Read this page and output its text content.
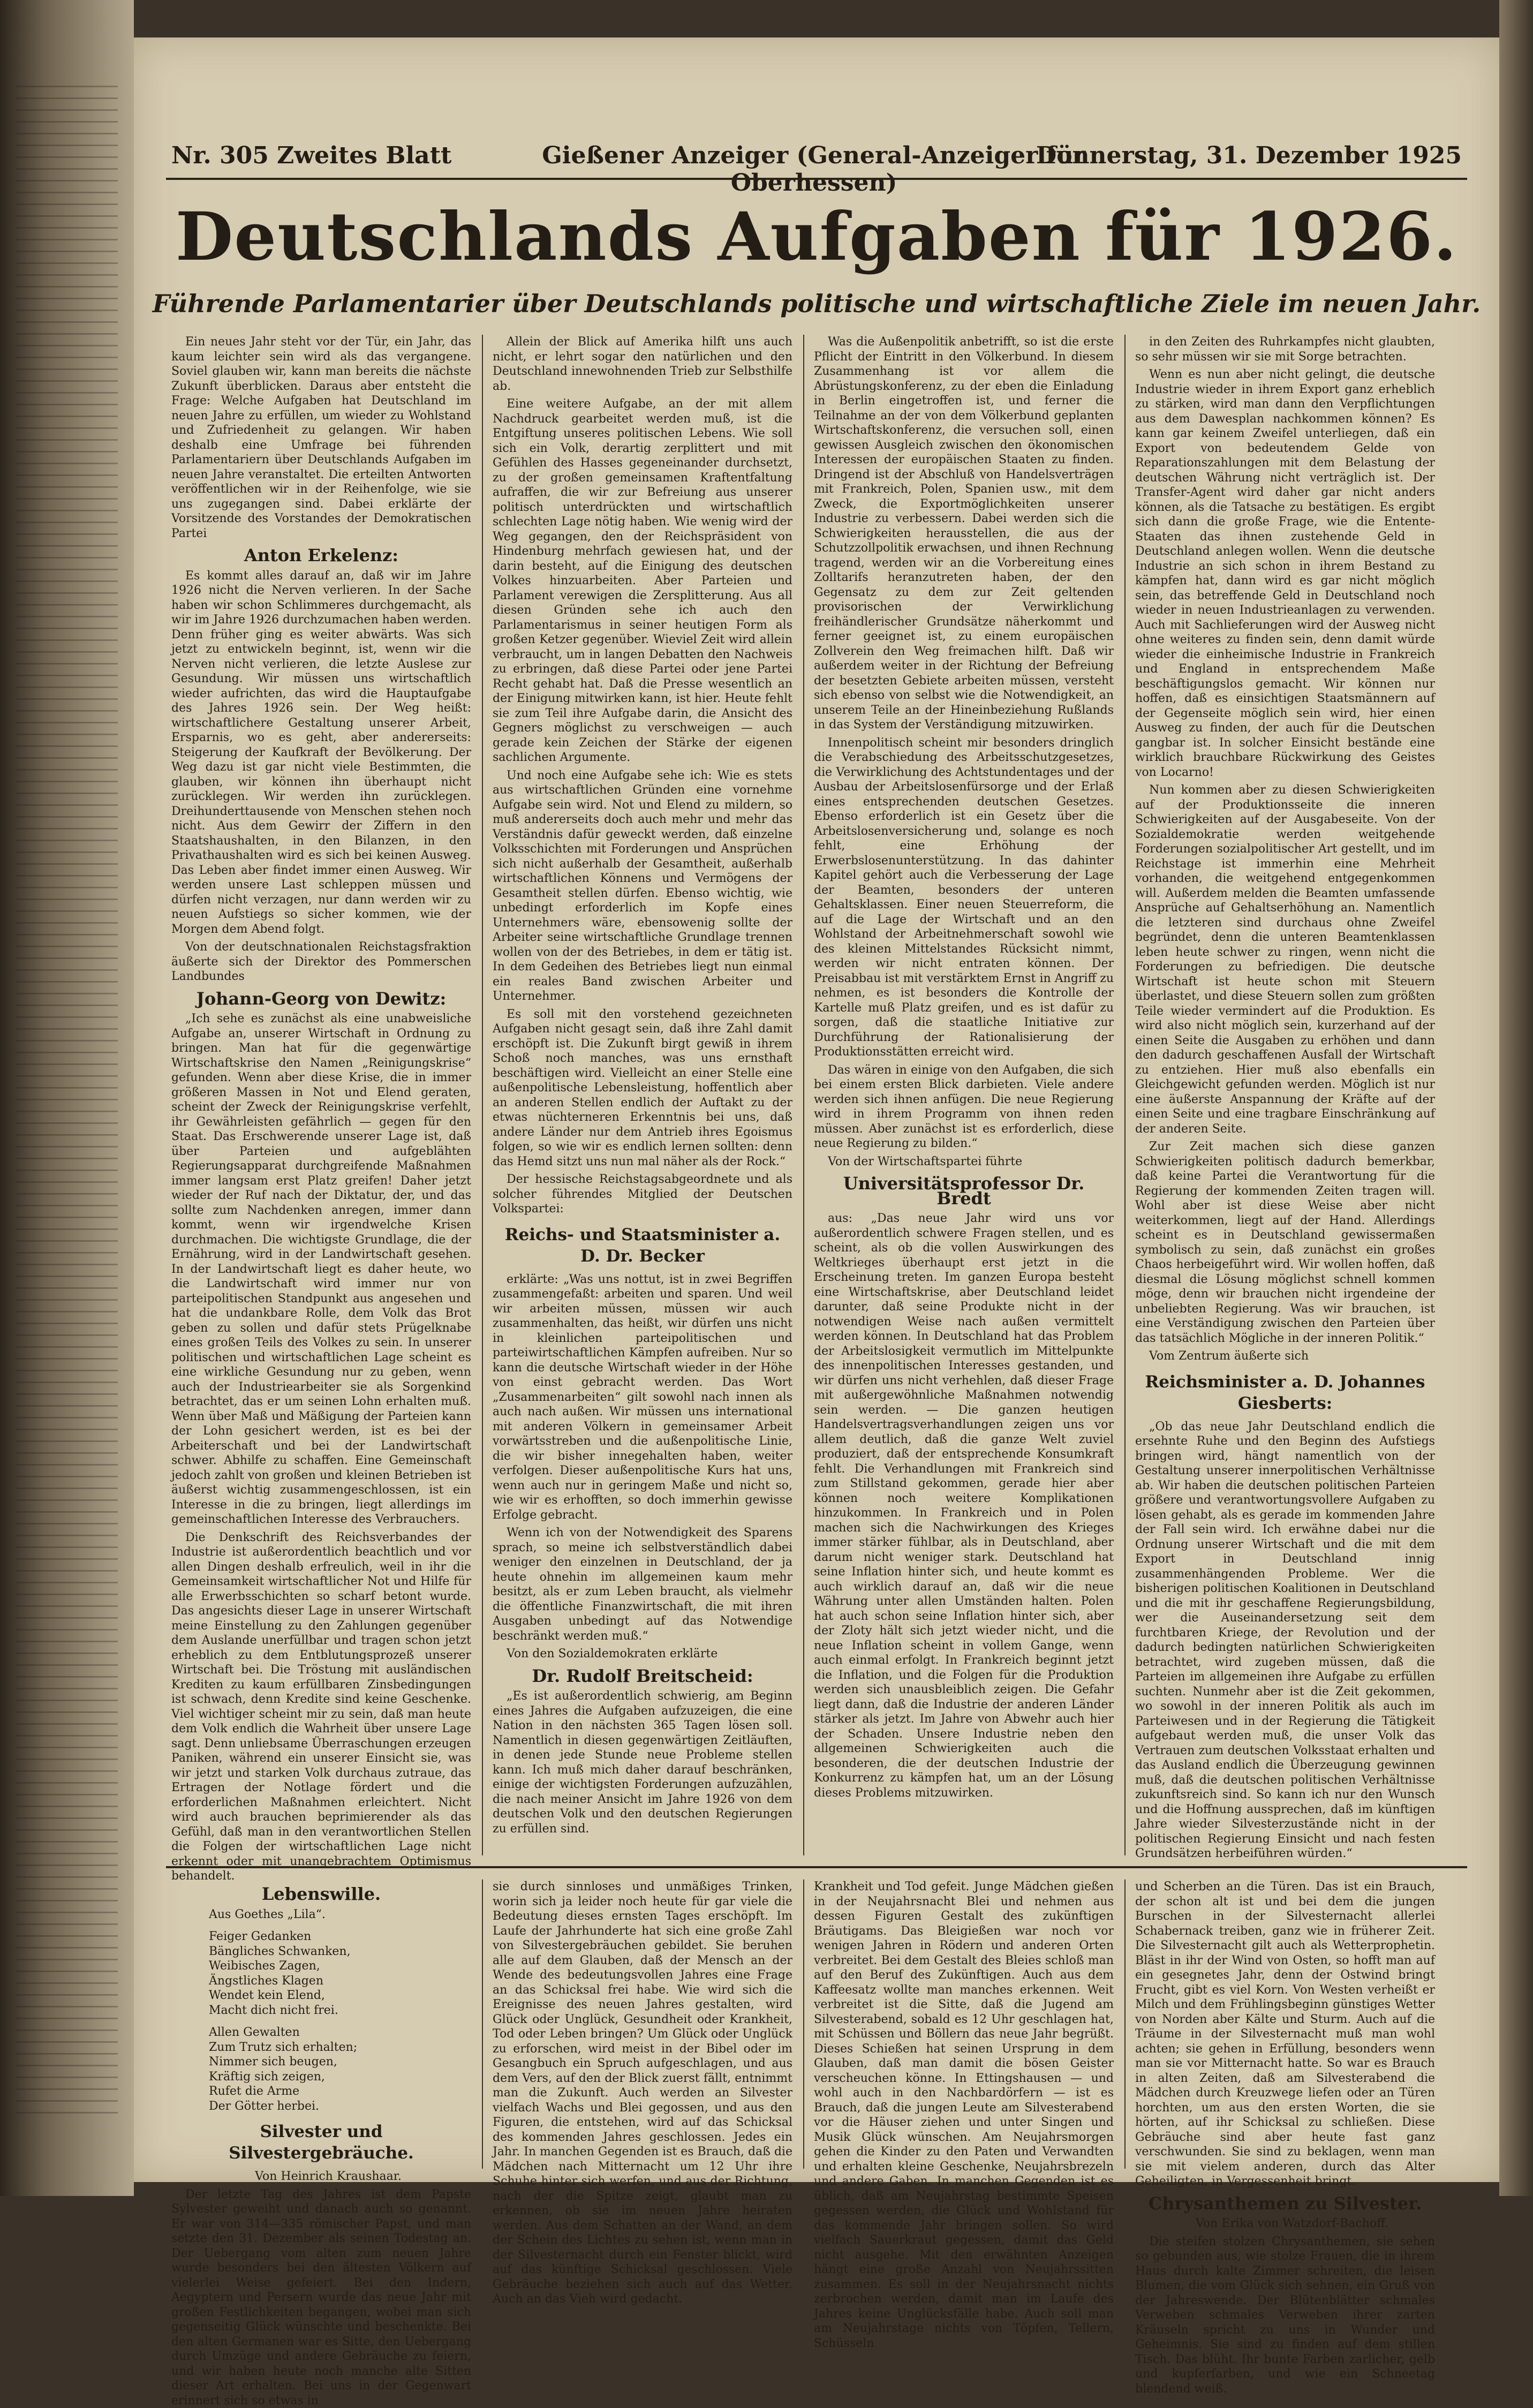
Nr. 305 Zweites Blatt	Gießener Anzeiger (General-Anzeiger für Oberhessen)
Donnerstag, 31. Dezember 1925
Deutschlands Aufgaben für 1926.
Führende Parlamentarier über Deutschlands politische und wirtschaftliche Ziele im neuen Jahr.

Ein neues Jahr steht vor der Tür, ein Jahr, das kaum leichter sein wird als das vergangene. Soviel glauben wir, kann man bereits die nächste Zukunft überblicken. Daraus aber entsteht die Frage: Welche Aufgaben hat Deutschland im neuen Jahre zu erfüllen, um wieder zu Wohlstand und Zufriedenheit zu gelangen. Wir haben deshalb eine Umfrage bei führenden Parlamentariern über Deutschlands Aufgaben im neuen Jahre veranstaltet. Die erteilten Antworten veröffentlichen wir in der Reihenfolge, wie sie uns zugegangen sind. Dabei erklärte der Vorsitzende des Vorstandes der Demokratischen Partei

Anton Erkelenz:

Es kommt alles darauf an, daß wir im Jahre 1926 nicht die Nerven verlieren. In der Sache haben wir schon Schlimmeres durchgemacht, als wir im Jahre 1926 durchzumachen haben werden. Denn früher ging es weiter abwärts. Was sich jetzt zu entwickeln beginnt, ist, wenn wir die Nerven nicht verlieren, die letzte Auslese zur Gesundung. Wir müssen uns wirtschaftlich wieder aufrichten, das wird die Hauptaufgabe des Jahres 1926 sein. Der Weg heißt: wirtschaftlichere Gestaltung unserer Arbeit, Ersparnis, wo es geht, aber andererseits: Steigerung der Kaufkraft der Bevölkerung. Der Weg dazu ist gar nicht viele Bestimmten, die glauben, wir können ihn überhaupt nicht zurücklegen. Wir werden ihn zurücklegen. Dreihunderttausende von Menschen stehen noch nicht. Aus dem Gewirr der Ziffern in den Staatshaushalten, in den Bilanzen, in den Privathaushalten wird es sich bei keinen Ausweg. Das Leben aber findet immer einen Ausweg. Wir werden unsere Last schleppen müssen und dürfen nicht verzagen, nur dann werden wir zu neuen Aufstiegs so sicher kommen, wie der Morgen dem Abend folgt.

Von der deutschnationalen Reichstagsfraktion äußerte sich der Direktor des Pommerschen Landbundes

Johann-Georg von Dewitz:

„Ich sehe es zunächst als eine unabweisliche Aufgabe an, unserer Wirtschaft in Ordnung zu bringen. Man hat für die gegenwärtige Wirtschaftskrise den Namen „Reinigungskrise“ gefunden. Wenn aber diese Krise, die in immer größeren Massen in Not und Elend geraten, scheint der Zweck der Reinigungskrise verfehlt, ihr Gewährleisten gefährlich — gegen für den Staat. Das Erschwerende unserer Lage ist, daß über Parteien und aufgeblähten Regierungsapparat durchgreifende Maßnahmen immer langsam erst Platz greifen! Daher jetzt wieder der Ruf nach der Diktatur, der, und das sollte zum Nachdenken anregen, immer dann kommt, wenn wir irgendwelche Krisen durchmachen. Die wichtigste Grundlage, die der Ernährung, wird in der Landwirtschaft gesehen. In der Landwirtschaft liegt es daher heute, wo die Landwirtschaft wird immer nur von parteipolitischen Standpunkt aus angesehen und hat die undankbare Rolle, dem Volk das Brot geben zu sollen und dafür stets Prügelknabe eines großen Teils des Volkes zu sein. In unserer politischen und wirtschaftlichen Lage scheint es eine wirkliche Gesundung nur zu geben, wenn auch der Industriearbeiter sie als Sorgenkind betrachtet, das er um seinen Lohn erhalten muß. Wenn über Maß und Mäßigung der Parteien kann der Lohn gesichert werden, ist es bei der Arbeiterschaft und bei der Landwirtschaft schwer. Abhilfe zu schaffen. Eine Gemeinschaft jedoch zahlt von großen und kleinen Betrieben ist äußerst wichtig zusammengeschlossen, ist ein Interesse in die zu bringen, liegt allerdings im gemeinschaftlichen Interesse des Verbrauchers.

Die Denkschrift des Reichsverbandes der Industrie ist außerordentlich beachtlich und vor allen Dingen deshalb erfreulich, weil in ihr die Gemeinsamkeit wirtschaftlicher Not und Hilfe für alle Erwerbsschichten so scharf betont wurde. Das angesichts dieser Lage in unserer Wirtschaft meine Einstellung zu den Zahlungen gegenüber dem Auslande unerfüllbar und tragen schon jetzt erheblich zu dem Entblutungsprozeß unserer Wirtschaft bei. Die Tröstung mit ausländischen Krediten zu kaum erfüllbaren Zinsbedingungen ist schwach, denn Kredite sind keine Geschenke. Viel wichtiger scheint mir zu sein, daß man heute dem Volk endlich die Wahrheit über unsere Lage sagt. Denn unliebsame Überraschungen erzeugen Paniken, während ein unserer Einsicht sie, was wir jetzt und starken Volk durchaus zutraue, das Ertragen der Notlage fördert und die erforderlichen Maßnahmen erleichtert. Nicht wird auch brauchen beprimierender als das Gefühl, daß man in den verantwortlichen Stellen die Folgen der wirtschaftlichen Lage nicht erkennt oder mit unangebrachtem Optimismus behandelt.

Allein der Blick auf Amerika hilft uns auch nicht, er lehrt sogar den natürlichen und den Deutschland innewohnenden Trieb zur Selbsthilfe ab.

Eine weitere Aufgabe, an der mit allem Nachdruck gearbeitet werden muß, ist die Entgiftung unseres politischen Lebens. Wie soll sich ein Volk, derartig zerplittert und mit Gefühlen des Hasses gegeneinander durchsetzt, zu der großen gemeinsamen Kraftentfaltung aufraffen, die wir zur Befreiung aus unserer politisch unterdrückten und wirtschaftlich schlechten Lage nötig haben. Wie wenig wird der Weg gegangen, den der Reichspräsident von Hindenburg mehrfach gewiesen hat, und der darin besteht, auf die Einigung des deutschen Volkes hinzuarbeiten. Aber Parteien und Parlament verewigen die Zersplitterung. Aus all diesen Gründen sehe ich auch den Parlamentarismus in seiner heutigen Form als großen Ketzer gegenüber. Wieviel Zeit wird allein verbraucht, um in langen Debatten den Nachweis zu erbringen, daß diese Partei oder jene Partei Recht gehabt hat. Daß die Presse wesentlich an der Einigung mitwirken kann, ist hier. Heute fehlt sie zum Teil ihre Aufgabe darin, die Ansicht des Gegners möglichst zu verschweigen — auch gerade kein Zeichen der Stärke der eigenen sachlichen Argumente.

Und noch eine Aufgabe sehe ich: Wie es stets aus wirtschaftlichen Gründen eine vornehme Aufgabe sein wird. Not und Elend zu mildern, so muß andererseits doch auch mehr und mehr das Verständnis dafür geweckt werden, daß einzelne Volksschichten mit Forderungen und Ansprüchen sich nicht außerhalb der Gesamtheit, außerhalb wirtschaftlichen Könnens und Vermögens der Gesamtheit stellen dürfen. Ebenso wichtig, wie unbedingt erforderlich im Kopfe eines Unternehmers wäre, ebensowenig sollte der Arbeiter seine wirtschaftliche Grundlage trennen wollen von der des Betriebes, in dem er tätig ist. In dem Gedeihen des Betriebes liegt nun einmal ein reales Band zwischen Arbeiter und Unternehmer.

Es soll mit den vorstehend gezeichneten Aufgaben nicht gesagt sein, daß ihre Zahl damit erschöpft ist. Die Zukunft birgt gewiß in ihrem Schoß noch manches, was uns ernsthaft beschäftigen wird. Vielleicht an einer Stelle eine außenpolitische Lebensleistung, hoffentlich aber an anderen Stellen endlich der Auftakt zu der etwas nüchterneren Erkenntnis bei uns, daß andere Länder nur dem Antrieb ihres Egoismus folgen, so wie wir es endlich lernen sollten: denn das Hemd sitzt uns nun mal näher als der Rock.“

Der hessische Reichstagsabgeordnete und als solcher führendes Mitglied der Deutschen Volkspartei:

Reichs- und Staatsminister a. D. Dr. Becker

erklärte: „Was uns nottut, ist in zwei Begriffen zusammengefaßt: arbeiten und sparen. Und weil wir arbeiten müssen, müssen wir auch zusammenhalten, das heißt, wir dürfen uns nicht in kleinlichen parteipolitischen und parteiwirtschaftlichen Kämpfen aufreiben. Nur so kann die deutsche Wirtschaft wieder in der Höhe von einst gebracht werden. Das Wort „Zusammenarbeiten“ gilt sowohl nach innen als auch nach außen. Wir müssen uns international mit anderen Völkern in gemeinsamer Arbeit vorwärtsstreben und die außenpolitische Linie, die wir bisher innegehalten haben, weiter verfolgen. Dieser außenpolitische Kurs hat uns, wenn auch nur in geringem Maße und nicht so, wie wir es erhofften, so doch immerhin gewisse Erfolge gebracht.

Wenn ich von der Notwendigkeit des Sparens sprach, so meine ich selbstverständlich dabei weniger den einzelnen in Deutschland, der ja heute ohnehin im allgemeinen kaum mehr besitzt, als er zum Leben braucht, als vielmehr die öffentliche Finanzwirtschaft, die mit ihren Ausgaben unbedingt auf das Notwendige beschränkt werden muß.“

Von den Sozialdemokraten erklärte

Dr. Rudolf Breitscheid:

„Es ist außerordentlich schwierig, am Beginn eines Jahres die Aufgaben aufzuzeigen, die eine Nation in den nächsten 365 Tagen lösen soll. Namentlich in diesen gegenwärtigen Zeitläuften, in denen jede Stunde neue Probleme stellen kann. Ich muß mich daher darauf beschränken, einige der wichtigsten Forderungen aufzuzählen, die nach meiner Ansicht im Jahre 1926 von dem deutschen Volk und den deutschen Regierungen zu erfüllen sind.

Was die Außenpolitik anbetrifft, so ist die erste Pflicht der Eintritt in den Völkerbund. In diesem Zusammenhang ist vor allem die Abrüstungskonferenz, zu der eben die Einladung in Berlin eingetroffen ist, und ferner die Teilnahme an der von dem Völkerbund geplanten Wirtschaftskonferenz, die versuchen soll, einen gewissen Ausgleich zwischen den ökonomischen Interessen der europäischen Staaten zu finden. Dringend ist der Abschluß von Handelsverträgen mit Frankreich, Polen, Spanien usw., mit dem Zweck, die Exportmöglichkeiten unserer Industrie zu verbessern. Dabei werden sich die Schwierigkeiten herausstellen, die aus der Schutzzollpolitik erwachsen, und ihnen Rechnung tragend, werden wir an die Vorbereitung eines Zolltarifs heranzutreten haben, der den Gegensatz zu dem zur Zeit geltenden provisorischen der Verwirklichung freihändlerischer Grundsätze näherkommt und ferner geeignet ist, zu einem europäischen Zollverein den Weg freimachen hilft. Daß wir außerdem weiter in der Richtung der Befreiung der besetzten Gebiete arbeiten müssen, versteht sich ebenso von selbst wie die Notwendigkeit, an unserem Teile an der Hineinbeziehung Rußlands in das System der Verständigung mitzuwirken.

Innenpolitisch scheint mir besonders dringlich die Verabschiedung des Arbeitsschutzgesetzes, die Verwirklichung des Achtstundentages und der Ausbau der Arbeitslosenfürsorge und der Erlaß eines entsprechenden deutschen Gesetzes. Ebenso erforderlich ist ein Gesetz über die Arbeitslosenversicherung und, solange es noch fehlt, eine Erhöhung der Erwerbslosenunterstützung. In das dahinter Kapitel gehört auch die Verbesserung der Lage der Beamten, besonders der unteren Gehaltsklassen. Einer neuen Steuerreform, die auf die Lage der Wirtschaft und an den Wohlstand der Arbeitnehmerschaft sowohl wie des kleinen Mittelstandes Rücksicht nimmt, werden wir nicht entraten können. Der Preisabbau ist mit verstärktem Ernst in Angriff zu nehmen, es ist besonders die Kontrolle der Kartelle muß Platz greifen, und es ist dafür zu sorgen, daß die staatliche Initiative zur Durchführung der Rationalisierung der Produktionsstätten erreicht wird.

Das wären in einige von den Aufgaben, die sich bei einem ersten Blick darbieten. Viele andere werden sich ihnen anfügen. Die neue Regierung wird in ihrem Programm von ihnen reden müssen. Aber zunächst ist es erforderlich, diese neue Regierung zu bilden.“

Von der Wirtschaftspartei führte

Universitätsprofessor Dr. Bredt

aus: „Das neue Jahr wird uns vor außerordentlich schwere Fragen stellen, und es scheint, als ob die vollen Auswirkungen des Weltkrieges überhaupt erst jetzt in die Erscheinung treten. Im ganzen Europa besteht eine Wirtschaftskrise, aber Deutschland leidet darunter, daß seine Produkte nicht in der notwendigen Weise nach außen vermittelt werden können. In Deutschland hat das Problem der Arbeitslosigkeit vermutlich im Mittelpunkte des innenpolitischen Interesses gestanden, und wir dürfen uns nicht verhehlen, daß dieser Frage mit außergewöhnliche Maßnahmen notwendig sein werden. — Die ganzen heutigen Handelsvertragsverhandlungen zeigen uns vor allem deutlich, daß die ganze Welt zuviel produziert, daß der entsprechende Konsumkraft fehlt. Die Verhandlungen mit Frankreich sind zum Stillstand gekommen, gerade hier aber können noch weitere Komplikationen hinzukommen. In Frankreich und in Polen machen sich die Nachwirkungen des Krieges immer stärker fühlbar, als in Deutschland, aber darum nicht weniger stark. Deutschland hat seine Inflation hinter sich, und heute kommt es auch wirklich darauf an, daß wir die neue Währung unter allen Umständen halten. Polen hat auch schon seine Inflation hinter sich, aber der Zloty hält sich jetzt wieder nicht, und die neue Inflation scheint in vollem Gange, wenn auch einmal erfolgt. In Frankreich beginnt jetzt die Inflation, und die Folgen für die Produktion werden sich unausbleiblich zeigen. Die Gefahr liegt dann, daß die Industrie der anderen Länder stärker als jetzt. Im Jahre von Abwehr auch hier der Schaden. Unsere Industrie neben den allgemeinen Schwierigkeiten auch die besonderen, die der deutschen Industrie der Konkurrenz zu kämpfen hat, um an der Lösung dieses Problems mitzuwirken.

in den Zeiten des Ruhrkampfes nicht glaubten, so sehr müssen wir sie mit Sorge betrachten.

Wenn es nun aber nicht gelingt, die deutsche Industrie wieder in ihrem Export ganz erheblich zu stärken, wird man dann den Verpflichtungen aus dem Dawesplan nachkommen können? Es kann gar keinem Zweifel unterliegen, daß ein Export von bedeutendem Gelde von Reparationszahlungen mit dem Belastung der deutschen Währung nicht verträglich ist. Der Transfer-Agent wird daher gar nicht anders können, als die Tatsache zu bestätigen. Es ergibt sich dann die große Frage, wie die Entente-Staaten das ihnen zustehende Geld in Deutschland anlegen wollen. Wenn die deutsche Industrie an sich schon in ihrem Bestand zu kämpfen hat, dann wird es gar nicht möglich sein, das betreffende Geld in Deutschland noch wieder in neuen Industrieanlagen zu verwenden. Auch mit Sachlieferungen wird der Ausweg nicht ohne weiteres zu finden sein, denn damit würde wieder die einheimische Industrie in Frankreich und England in entsprechendem Maße beschäftigungslos gemacht. Wir können nur hoffen, daß es einsichtigen Staatsmännern auf der Gegenseite möglich sein wird, hier einen Ausweg zu finden, der auch für die Deutschen gangbar ist. In solcher Einsicht bestände eine wirklich brauchbare Rückwirkung des Geistes von Locarno!

Nun kommen aber zu diesen Schwierigkeiten auf der Produktionsseite die inneren Schwierigkeiten auf der Ausgabeseite. Von der Sozialdemokratie werden weitgehende Forderungen sozialpolitischer Art gestellt, und im Reichstage ist immerhin eine Mehrheit vorhanden, die weitgehend entgegenkommen will. Außerdem melden die Beamten umfassende Ansprüche auf Gehaltserhöhung an. Namentlich die letzteren sind durchaus ohne Zweifel begründet, denn die unteren Beamtenklassen leben heute schwer zu ringen, wenn nicht die Forderungen zu befriedigen. Die deutsche Wirtschaft ist heute schon mit Steuern überlastet, und diese Steuern sollen zum größten Teile wieder vermindert auf die Produktion. Es wird also nicht möglich sein, kurzerhand auf der einen Seite die Ausgaben zu erhöhen und dann den dadurch geschaffenen Ausfall der Wirtschaft zu entziehen. Hier muß also ebenfalls ein Gleichgewicht gefunden werden. Möglich ist nur eine äußerste Anspannung der Kräfte auf der einen Seite und eine tragbare Einschränkung auf der anderen Seite.

Zur Zeit machen sich diese ganzen Schwierigkeiten politisch dadurch bemerkbar, daß keine Partei die Verantwortung für die Regierung der kommenden Zeiten tragen will. Wohl aber ist diese Weise aber nicht weiterkommen, liegt auf der Hand. Allerdings scheint es in Deutschland gewissermaßen symbolisch zu sein, daß zunächst ein großes Chaos herbeigeführt wird. Wir wollen hoffen, daß diesmal die Lösung möglichst schnell kommen möge, denn wir brauchen nicht irgendeine der unbeliebten Regierung. Was wir brauchen, ist eine Verständigung zwischen den Parteien über das tatsächlich Mögliche in der inneren Politik.“

Vom Zentrum äußerte sich

Reichsminister a. D. Johannes Giesberts:

„Ob das neue Jahr Deutschland endlich die ersehnte Ruhe und den Beginn des Aufstiegs bringen wird, hängt namentlich von der Gestaltung unserer innerpolitischen Verhältnisse ab. Wir haben die deutschen politischen Parteien größere und verantwortungsvollere Aufgaben zu lösen gehabt, als es gerade im kommenden Jahre der Fall sein wird. Ich erwähne dabei nur die Ordnung unserer Wirtschaft und die mit dem Export in Deutschland innig zusammenhängenden Probleme. Wer die bisherigen politischen Koalitionen in Deutschland und die mit ihr geschaffene Regierungsbildung, wer die Auseinandersetzung seit dem furchtbaren Kriege, der Revolution und der dadurch bedingten natürlichen Schwierigkeiten betrachtet, wird zugeben müssen, daß die Parteien im allgemeinen ihre Aufgabe zu erfüllen suchten. Nunmehr aber ist die Zeit gekommen, wo sowohl in der inneren Politik als auch im Parteiwesen und in der Regierung die Tätigkeit aufgebaut werden muß, die unser Volk das Vertrauen zum deutschen Volksstaat erhalten und das Ausland endlich die Überzeugung gewinnen muß, daß die deutschen politischen Verhältnisse zukunftsreich sind. So kann ich nur den Wunsch und die Hoffnung aussprechen, daß im künftigen Jahre wieder Silvesterzustände nicht in der politischen Regierung Einsicht und nach festen Grundsätzen herbeiführen würden.“

Lebenswille.

Aus Goethes „Lila“.

Feiger Gedanken

Bängliches Schwanken,

Weibisches Zagen,

Ängstliches Klagen

Wendet kein Elend,

Macht dich nicht frei.

Allen Gewalten

Zum Trutz sich erhalten;

Nimmer sich beugen,

Kräftig sich zeigen,

Rufet die Arme

Der Götter herbei.

Silvester und Silvestergebräuche.

Von Heinrich Kraushaar.

Der letzte Tag des Jahres ist dem Papste Sylvester geweiht und danach auch so genannt. Er war von 314—335 römischer Papst, und man setzte den 31. Dezember als seinen Todestag an. Der Uebergang vom alten zum neuen Jahre wurde besonders bei den ältesten Völkern auf vielerlei Weise gefeiert. Bei den Indern, Aegyptern und Persern wurde das neue Jahr mit großen Festlichkeiten begangen, wobei man sich gegenseitig Glück wünschte und beschenkte. Bei den alten Germanen war es Sitte, den Uebergang durch Umzüge und andere Gebräuche zu feiern, und wir haben heute noch manche alte Sitten dieser Art erhalten. Bei uns in der Gegenwart erinnert sich so etwas in

sie durch sinnloses und unmäßiges Trinken, worin sich ja leider noch heute für gar viele die Bedeutung dieses ernsten Tages erschöpft. Im Laufe der Jahrhunderte hat sich eine große Zahl von Silvestergebräuchen gebildet. Sie beruhen alle auf dem Glauben, daß der Mensch an der Wende des bedeutungsvollen Jahres eine Frage an das Schicksal frei habe. Wie wird sich die Ereignisse des neuen Jahres gestalten, wird Glück oder Unglück, Gesundheit oder Krankheit, Tod oder Leben bringen? Um Glück oder Unglück zu erforschen, wird meist in der Bibel oder im Gesangbuch ein Spruch aufgeschlagen, und aus dem Vers, auf den der Blick zuerst fällt, entnimmt man die Zukunft. Auch werden an Silvester vielfach Wachs und Blei gegossen, und aus den Figuren, die entstehen, wird auf das Schicksal des kommenden Jahres geschlossen. Jedes ein Jahr. In manchen Gegenden ist es Brauch, daß die Mädchen nach Mitternacht um 12 Uhr ihre Schuhe hinter sich werfen, und aus der Richtung, nach der die Spitze zeigt, glaubt man zu erkennen, ob sie im neuen Jahre heiraten werden. Aus dem Schatten an der Wand, an dem der Schein des Lichtes zu sehen ist, wenn man in der Silvesternacht durch ein Fenster blickt, wird auf das künftige Schicksal geschlossen. Viele Gebräuche beziehen sich auch auf das Wetter. Auch an das Vieh wird gedacht.

Krankheit und Tod gefeit. Junge Mädchen gießen in der Neujahrsnacht Blei und nehmen aus dessen Figuren Gestalt des zukünftigen Bräutigams. Das Bleigießen war noch vor wenigen Jahren in Rödern und anderen Orten verbreitet. Bei dem Gestalt des Bleies schloß man auf den Beruf des Zukünftigen. Auch aus dem Kaffeesatz wollte man manches erkennen. Weit verbreitet ist die Sitte, daß die Jugend am Silvesterabend, sobald es 12 Uhr geschlagen hat, mit Schüssen und Böllern das neue Jahr begrüßt. Dieses Schießen hat seinen Ursprung in dem Glauben, daß man damit die bösen Geister verscheuchen könne. In Ettingshausen — und wohl auch in den Nachbardörfern — ist es Brauch, daß die jungen Leute am Silvesterabend vor die Häuser ziehen und unter Singen und Musik Glück wünschen. Am Neujahrsmorgen gehen die Kinder zu den Paten und Verwandten und erhalten kleine Geschenke, Neujahrsbrezeln und andere Gaben. In manchen Gegenden ist es üblich, daß am Neujahrstag bestimmte Speisen gegessen werden, die Glück und Wohlstand für das kommende Jahr bringen sollen. So wird vielfach Sauerkraut gegessen, damit das Geld nicht ausgehe. Mit den erwähnten Anzeigen hängt eine große Anzahl von Neujahrssitten zusammen. Es soll in der Neujahrsnacht nichts zerbrochen werden, damit man im Laufe des Jahres keine Unglücksfälle habe. Auch soll man am Neujahrstage nichts von Töpfen, Tellern, Schüsseln

und Scherben an die Türen. Das ist ein Brauch, der schon alt ist und bei dem die jungen Burschen in der Silvesternacht allerlei Schabernack treiben, ganz wie in früherer Zeit. Die Silvesternacht gilt auch als Wetterprophetin. Bläst in ihr der Wind von Osten, so hofft man auf ein gesegnetes Jahr, denn der Ostwind bringt Frucht, gibt es viel Korn. Von Westen verheißt er Milch und dem Frühlingsbeginn günstiges Wetter von Norden aber Kälte und Sturm. Auch auf die Träume in der Silvesternacht muß man wohl achten; sie gehen in Erfüllung, besonders wenn man sie vor Mitternacht hatte. So war es Brauch in alten Zeiten, daß am Silvesterabend die Mädchen durch Kreuzwege liefen oder an Türen horchten, um aus den ersten Worten, die sie hörten, auf ihr Schicksal zu schließen. Diese Gebräuche sind aber heute fast ganz verschwunden. Sie sind zu beklagen, wenn man sie mit vielem anderen, durch das Alter Geheiligten, in Vergessenheit bringt.

Chrysanthemen zu Silvester.

Von Erika von Watzdorf-Bachoff.

Die steifen stolzen Chrysanthemen, sie sehen so gebunden aus, wie stolze Frauen, die in ihrem Haus durch kalte Zimmer schreiten, die leisen Blumen, die vom Glück sich sehnen, ein Gruß von der Jahreswende. Der Blütenblätter schmales Verweben schmales Verweben ihrer zarten Kräuseln spricht zu uns in Wunder und Geheimnis. Sie sind zu finden auf dem stillen Tisch. Das blüht. Ihr bunte Farben zarlicher, gelb und kupferfarben, und wie ein Schneetag blendend weiß.
